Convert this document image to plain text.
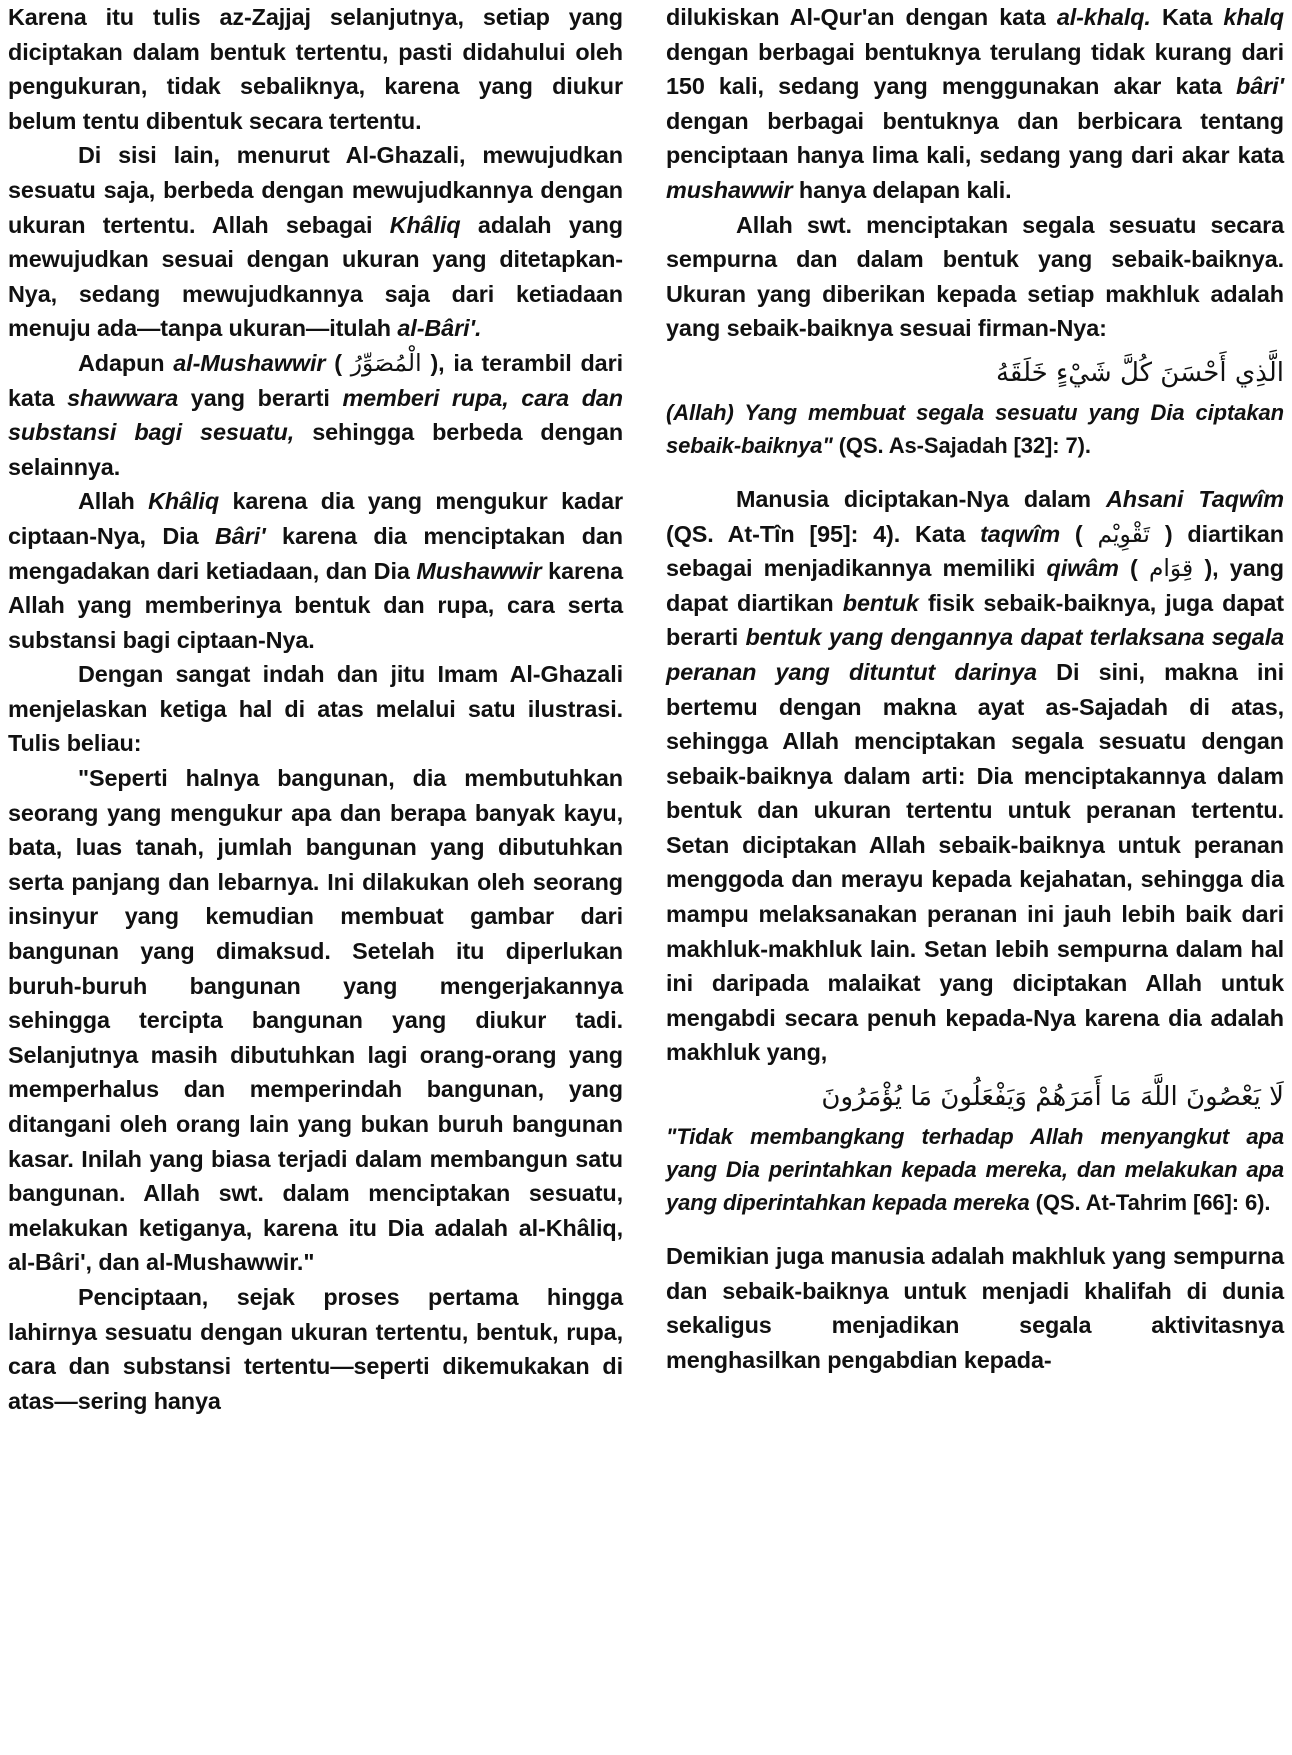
Karena itu tulis az-Zajjaj selanjutnya, setiap yang diciptakan dalam bentuk tertentu, pasti didahului oleh pengukuran, tidak sebaliknya, karena yang diukur belum tentu dibentuk secara tertentu.

Di sisi lain, menurut Al-Ghazali, mewujudkan sesuatu saja, berbeda dengan mewujudkannya dengan ukuran tertentu. Allah sebagai Khâliq adalah yang mewujudkan sesuai dengan ukuran yang ditetapkan-Nya, sedang mewujudkannya saja dari ketiadaan menuju ada—tanpa ukuran—itulah al-Bâri'.

Adapun al-Mushawwir ( الْمُصَوِّرُ ), ia terambil dari kata shawwara yang berarti memberi rupa, cara dan substansi bagi sesuatu, sehingga berbeda dengan selainnya.

Allah Khâliq karena dia yang mengukur kadar ciptaan-Nya, Dia Bâri' karena dia menciptakan dan mengadakan dari ketiadaan, dan Dia Mushawwir karena Allah yang memberinya bentuk dan rupa, cara serta substansi bagi ciptaan-Nya.

Dengan sangat indah dan jitu Imam Al-Ghazali menjelaskan ketiga hal di atas melalui satu ilustrasi. Tulis beliau:

"Seperti halnya bangunan, dia membutuhkan seorang yang mengukur apa dan berapa banyak kayu, bata, luas tanah, jumlah bangunan yang dibutuhkan serta panjang dan lebarnya. Ini dilakukan oleh seorang insinyur yang kemudian membuat gambar dari bangunan yang dimaksud. Setelah itu diperlukan buruh-buruh bangunan yang mengerjakannya sehingga tercipta bangunan yang diukur tadi. Selanjutnya masih dibutuhkan lagi orang-orang yang memperhalus dan memperindah bangunan, yang ditangani oleh orang lain yang bukan buruh bangunan kasar. Inilah yang biasa terjadi dalam membangun satu bangunan. Allah swt. dalam menciptakan sesuatu, melakukan ketiganya, karena itu Dia adalah al-Khâliq, al-Bâri', dan al-Mushawwir."

Penciptaan, sejak proses pertama hingga lahirnya sesuatu dengan ukuran tertentu, bentuk, rupa, cara dan substansi tertentu—seperti dikemukakan di atas—sering hanya

dilukiskan Al-Qur'an dengan kata al-khalq. Kata khalq dengan berbagai bentuknya terulang tidak kurang dari 150 kali, sedang yang menggunakan akar kata bâri' dengan berbagai bentuknya dan berbicara tentang penciptaan hanya lima kali, sedang yang dari akar kata mushawwir hanya delapan kali.

Allah swt. menciptakan segala sesuatu secara sempurna dan dalam bentuk yang sebaik-baiknya. Ukuran yang diberikan kepada setiap makhluk adalah yang sebaik-baiknya sesuai firman-Nya:

الَّذِي أَحْسَنَ كُلَّ شَيْءٍ خَلَقَهُ

(Allah) Yang membuat segala sesuatu yang Dia ciptakan sebaik-baiknya" (QS. As-Sajadah [32]: 7).

Manusia diciptakan-Nya dalam Ahsani Taqwîm (QS. At-Tîn [95]: 4). Kata taqwîm ( تَقْوِيْم ) diartikan sebagai menjadikannya memiliki qiwâm ( قِوَام ), yang dapat diartikan bentuk fisik sebaik-baiknya, juga dapat berarti bentuk yang dengannya dapat terlaksana segala peranan yang dituntut darinya Di sini, makna ini bertemu dengan makna ayat as-Sajadah di atas, sehingga Allah menciptakan segala sesuatu dengan sebaik-baiknya dalam arti: Dia menciptakannya dalam bentuk dan ukuran tertentu untuk peranan tertentu. Setan diciptakan Allah sebaik-baiknya untuk peranan menggoda dan merayu kepada kejahatan, sehingga dia mampu melaksanakan peranan ini jauh lebih baik dari makhluk-makhluk lain. Setan lebih sempurna dalam hal ini daripada malaikat yang diciptakan Allah untuk mengabdi secara penuh kepada-Nya karena dia adalah makhluk yang,

لَا يَعْصُونَ اللَّهَ مَا أَمَرَهُمْ وَيَفْعَلُونَ مَا يُؤْمَرُونَ

"Tidak membangkang terhadap Allah menyangkut apa yang Dia perintahkan kepada mereka, dan melakukan apa yang diperintahkan kepada mereka (QS. At-Tahrim [66]: 6).

Demikian juga manusia adalah makhluk yang sempurna dan sebaik-baiknya untuk menjadi khalifah di dunia sekaligus menjadikan segala aktivitasnya menghasilkan pengabdian kepada-
